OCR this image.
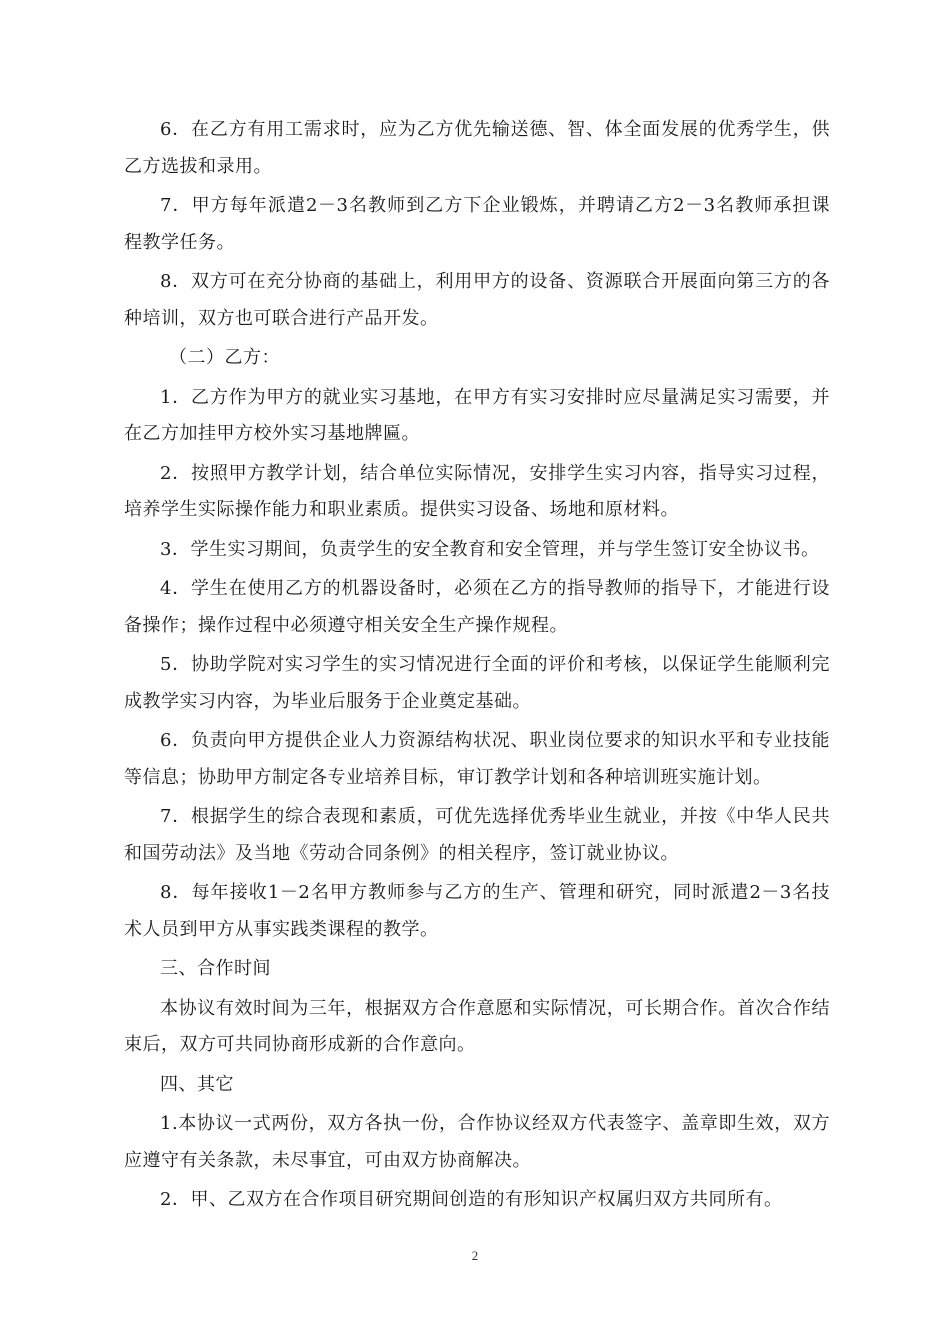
6．在乙方有用工需求时，应为乙方优先输送德、智、体全面发展的优秀学生，供乙方选拔和录用。

7．甲方每年派遣2－3名教师到乙方下企业锻炼，并聘请乙方2－3名教师承担课程教学任务。

8．双方可在充分协商的基础上，利用甲方的设备、资源联合开展面向第三方的各种培训，双方也可联合进行产品开发。

（二）乙方：

1．乙方作为甲方的就业实习基地，在甲方有实习安排时应尽量满足实习需要，并在乙方加挂甲方校外实习基地牌匾。

2．按照甲方教学计划，结合单位实际情况，安排学生实习内容，指导实习过程，培养学生实际操作能力和职业素质。提供实习设备、场地和原材料。

3．学生实习期间，负责学生的安全教育和安全管理，并与学生签订安全协议书。

4．学生在使用乙方的机器设备时，必须在乙方的指导教师的指导下，才能进行设备操作；操作过程中必须遵守相关安全生产操作规程。

5．协助学院对实习学生的实习情况进行全面的评价和考核，以保证学生能顺利完成教学实习内容，为毕业后服务于企业奠定基础。

6．负责向甲方提供企业人力资源结构状况、职业岗位要求的知识水平和专业技能等信息；协助甲方制定各专业培养目标，审订教学计划和各种培训班实施计划。

7．根据学生的综合表现和素质，可优先选择优秀毕业生就业，并按《中华人民共和国劳动法》及当地《劳动合同条例》的相关程序，签订就业协议。

8．每年接收1－2名甲方教师参与乙方的生产、管理和研究，同时派遣2－3名技术人员到甲方从事实践类课程的教学。

三、合作时间

本协议有效时间为三年，根据双方合作意愿和实际情况，可长期合作。首次合作结束后，双方可共同协商形成新的合作意向。

四、其它

1.本协议一式两份，双方各执一份，合作协议经双方代表签字、盖章即生效，双方应遵守有关条款，未尽事宜，可由双方协商解决。

2．甲、乙双方在合作项目研究期间创造的有形知识产权属归双方共同所有。

2
